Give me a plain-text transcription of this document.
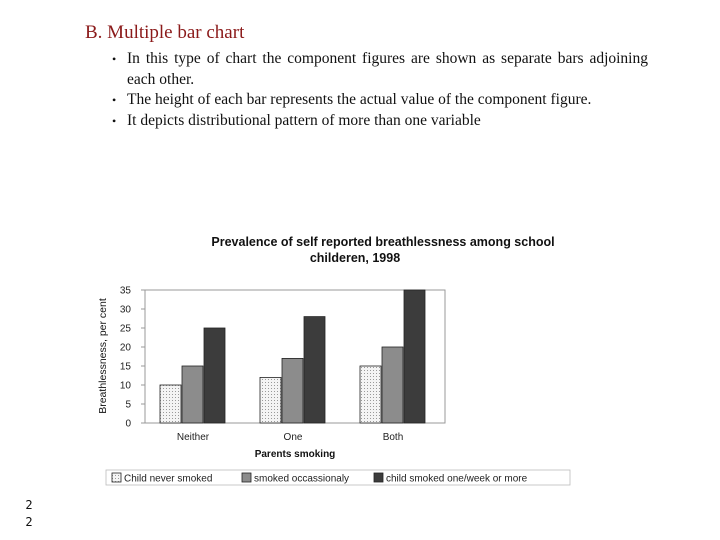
B. Multiple bar chart
• In this type of chart the component figures are shown as separate bars adjoining each other.
• The height of each bar represents the actual value of the component figure.
• It depicts distributional pattern of more than one variable
Prevalence of self reported breathlessness among school
childeren, 1998
Breathlessness, per cent
Parents smoking
0
5
10
15
20
25
30
35
Neither	One	Both
Child never smoked	smoked occassionaly	child smoked one/week or more
2
2
